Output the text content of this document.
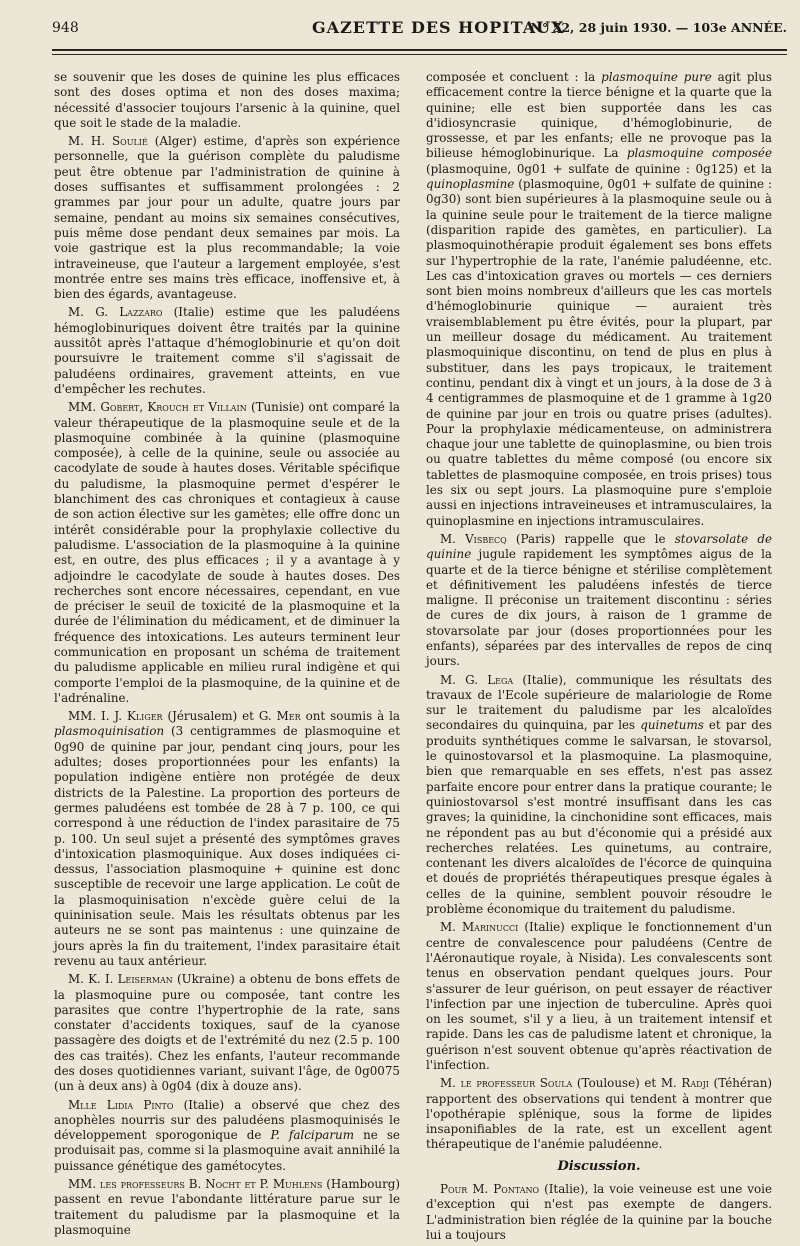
948	GAZETTE DES HOPITAUX
N° 52, 28 juin 1930. — 103e ANNÉE.

se souvenir que les doses de quinine les plus efficaces sont des doses optima et non des doses maxima; nécessité d'associer toujours l'arsenic à la quinine, quel que soit le stade de la maladie.

M. H. Soulié (Alger) estime, d'après son expérience personnelle, que la guérison complète du paludisme peut être obtenue par l'administration de quinine à doses suffisantes et suffisamment prolongées : 2 grammes par jour pour un adulte, quatre jours par semaine, pendant au moins six semaines consécutives, puis même dose pendant deux semaines par mois. La voie gastrique est la plus recommandable; la voie intraveineuse, que l'auteur a largement employée, s'est montrée entre ses mains très efficace, inoffensive et, à bien des égards, avantageuse.

M. G. Lazzaro (Italie) estime que les paludéens hémoglobinuriques doivent être traités par la quinine aussitôt après l'attaque d'hémoglobinurie et qu'on doit poursuivre le traitement comme s'il s'agissait de paludéens ordinaires, gravement atteints, en vue d'empêcher les rechutes.

MM. Gobert, Krouch et Villain (Tunisie) ont comparé la valeur thérapeutique de la plasmoquine seule et de la plasmoquine combinée à la quinine (plasmoquine composée), à celle de la quinine, seule ou associée au cacodylate de soude à hautes doses. Véritable spécifique du paludisme, la plasmoquine permet d'espérer le blanchiment des cas chroniques et contagieux à cause de son action élective sur les gamètes; elle offre donc un intérêt considérable pour la prophylaxie collective du paludisme. L'association de la plasmoquine à la quinine est, en outre, des plus efficaces ; il y a avantage à y adjoindre le cacodylate de soude à hautes doses. Des recherches sont encore nécessaires, cependant, en vue de préciser le seuil de toxicité de la plasmoquine et la durée de l'élimination du médicament, et de diminuer la fréquence des intoxications. Les auteurs terminent leur communication en proposant un schéma de traitement du paludisme applicable en milieu rural indigène et qui comporte l'emploi de la plasmoquine, de la quinine et de l'adrénaline.

MM. I. J. Kliger (Jérusalem) et G. Mer ont soumis à la plasmoquinisation (3 centigrammes de plasmoquine et 0g90 de quinine par jour, pendant cinq jours, pour les adultes; doses proportionnées pour les enfants) la population indigène entière non protégée de deux districts de la Palestine. La proportion des porteurs de germes paludéens est tombée de 28 à 7 p. 100, ce qui correspond à une réduction de l'index parasitaire de 75 p. 100. Un seul sujet a présenté des symptômes graves d'intoxication plasmoquinique. Aux doses indiquées ci-dessus, l'association plasmoquine + quinine est donc susceptible de recevoir une large application. Le coût de la plasmoquinisation n'excède guère celui de la quininisation seule. Mais les résultats obtenus par les auteurs ne se sont pas maintenus : une quinzaine de jours après la fin du traitement, l'index parasitaire était revenu au taux antérieur.

M. K. I. Leiserman (Ukraine) a obtenu de bons effets de la plasmoquine pure ou composée, tant contre les parasites que contre l'hypertrophie de la rate, sans constater d'accidents toxiques, sauf de la cyanose passagère des doigts et de l'extrémité du nez (2.5 p. 100 des cas traités). Chez les enfants, l'auteur recommande des doses quotidiennes variant, suivant l'âge, de 0g0075 (un à deux ans) à 0g04 (dix à douze ans).

Mlle Lidia Pinto (Italie) a observé que chez des anophèles nourris sur des paludéens plasmoquinisés le développement sporogonique de P. falciparum ne se produisait pas, comme si la plasmoquine avait annihilé la puissance génétique des gamétocytes.

MM. les professeurs B. Nocht et P. Muhlens (Hambourg) passent en revue l'abondante littérature parue sur le traitement du paludisme par la plasmoquine et la plasmoquine

composée et concluent : la plasmoquine pure agit plus efficacement contre la tierce bénigne et la quarte que la quinine; elle est bien supportée dans les cas d'idiosyncrasie quinique, d'hémoglobinurie, de grossesse, et par les enfants; elle ne provoque pas la bilieuse hémoglobinurique. La plasmoquine composée (plasmoquine, 0g01 + sulfate de quinine : 0g125) et la quinoplasmine (plasmoquine, 0g01 + sulfate de quinine : 0g30) sont bien supérieures à la plasmoquine seule ou à la quinine seule pour le traitement de la tierce maligne (disparition rapide des gamètes, en particulier). La plasmoquinothérapie produit également ses bons effets sur l'hypertrophie de la rate, l'anémie paludéenne, etc. Les cas d'intoxication graves ou mortels — ces derniers sont bien moins nombreux d'ailleurs que les cas mortels d'hémoglobinurie quinique — auraient très vraisemblablement pu être évités, pour la plupart, par un meilleur dosage du médicament. Au traitement plasmoquinique discontinu, on tend de plus en plus à substituer, dans les pays tropicaux, le traitement continu, pendant dix à vingt et un jours, à la dose de 3 à 4 centigrammes de plasmoquine et de 1 gramme à 1g20 de quinine par jour en trois ou quatre prises (adultes). Pour la prophylaxie médicamenteuse, on administrera chaque jour une tablette de quinoplasmine, ou bien trois ou quatre tablettes du même composé (ou encore six tablettes de plasmoquine composée, en trois prises) tous les six ou sept jours. La plasmoquine pure s'emploie aussi en injections intraveineuses et intramusculaires, la quinoplasmine en injections intramusculaires.

M. Visbecq (Paris) rappelle que le stovarsolate de quinine jugule rapidement les symptômes aigus de la quarte et de la tierce bénigne et stérilise complètement et définitivement les paludéens infestés de tierce maligne. Il préconise un traitement discontinu : séries de cures de dix jours, à raison de 1 gramme de stovarsolate par jour (doses proportionnées pour les enfants), séparées par des intervalles de repos de cinq jours.

M. G. Lega (Italie), communique les résultats des travaux de l'Ecole supérieure de malariologie de Rome sur le traitement du paludisme par les alcaloïdes secondaires du quinquina, par les quinetums et par des produits synthétiques comme le salvarsan, le stovarsol, le quinostovarsol et la plasmoquine. La plasmoquine, bien que remarquable en ses effets, n'est pas assez parfaite encore pour entrer dans la pratique courante; le quiniostovarsol s'est montré insuffisant dans les cas graves; la quinidine, la cinchonidine sont efficaces, mais ne répondent pas au but d'économie qui a présidé aux recherches relatées. Les quinetums, au contraire, contenant les divers alcaloïdes de l'écorce de quinquina et doués de propriétés thérapeutiques presque égales à celles de la quinine, semblent pouvoir résoudre le problème économique du traitement du paludisme.

M. Marinucci (Italie) explique le fonctionnement d'un centre de convalescence pour paludéens (Centre de l'Aéronautique royale, à Nisida). Les convalescents sont tenus en observation pendant quelques jours. Pour s'assurer de leur guérison, on peut essayer de réactiver l'infection par une injection de tuberculine. Après quoi on les soumet, s'il y a lieu, à un traitement intensif et rapide. Dans les cas de paludisme latent et chronique, la guérison n'est souvent obtenue qu'après réactivation de l'infection.

M. le professeur Soula (Toulouse) et M. Radji (Téhéran) rapportent des observations qui tendent à montrer que l'opothérapie splénique, sous la forme de lipides insaponifiables de la rate, est un excellent agent thérapeutique de l'anémie paludéenne.

Discussion.

Pour M. Pontano (Italie), la voie veineuse est une voie d'exception qui n'est pas exempte de dangers. L'administration bien réglée de la quinine par la bouche lui a toujours
